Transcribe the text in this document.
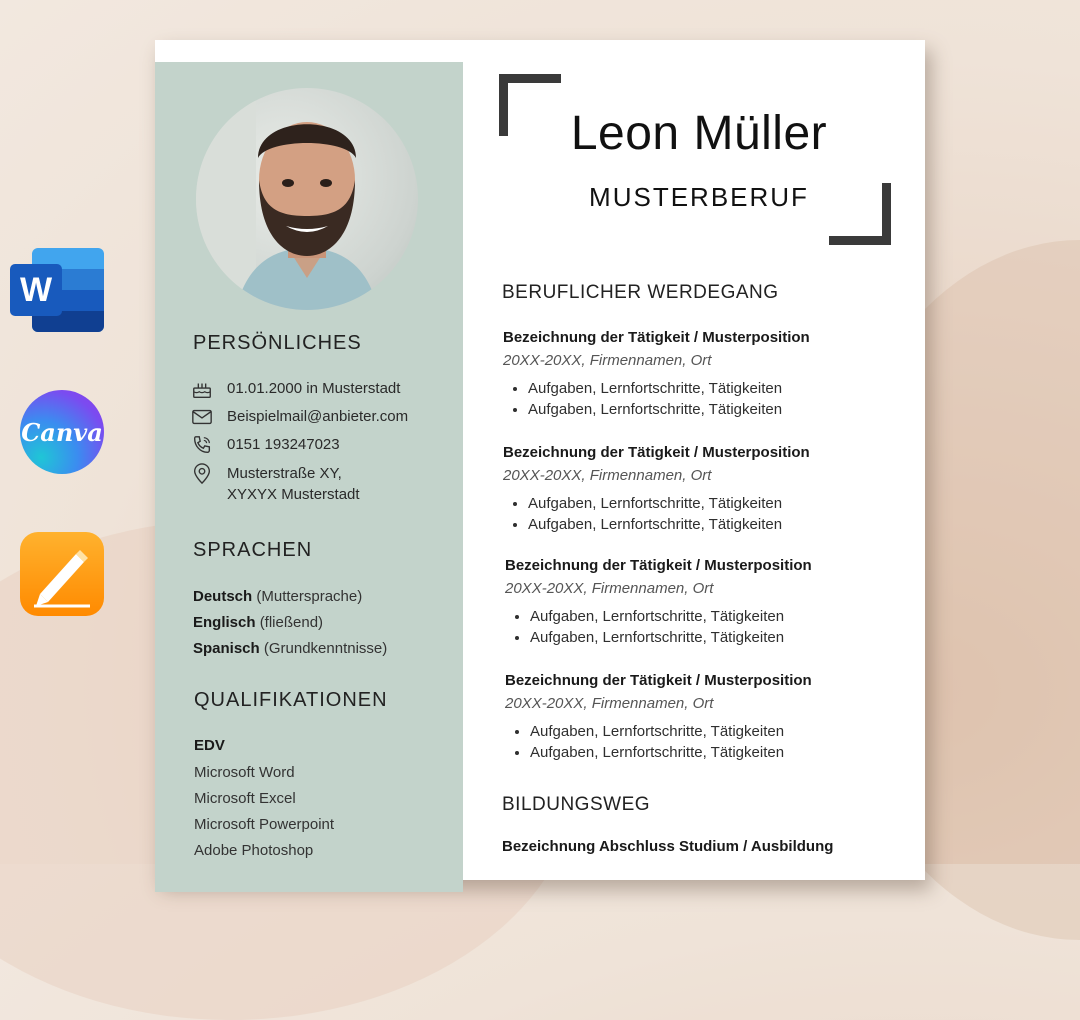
W
Canva
PERSÖNLICHES
01.01.2000 in Musterstadt
Beispielmail@anbieter.com
0151 193247023
Musterstraße XY,
XYXYX Musterstadt
SPRACHEN
Deutsch (Muttersprache)
Englisch (fließend)
Spanisch (Grundkenntnisse)
QUALIFIKATIONEN
EDV
Microsoft Word
Microsoft Excel
Microsoft Powerpoint
Adobe Photoshop
Leon Müller
MUSTERBERUF
BERUFLICHER WERDEGANG
Bezeichnung der Tätigkeit / Musterposition
20XX-20XX, Firmennamen, Ort
• Aufgaben, Lernfortschritte, Tätigkeiten
• Aufgaben, Lernfortschritte, Tätigkeiten
Bezeichnung der Tätigkeit / Musterposition
20XX-20XX, Firmennamen, Ort
• Aufgaben, Lernfortschritte, Tätigkeiten
• Aufgaben, Lernfortschritte, Tätigkeiten
Bezeichnung der Tätigkeit / Musterposition
20XX-20XX, Firmennamen, Ort
• Aufgaben, Lernfortschritte, Tätigkeiten
• Aufgaben, Lernfortschritte, Tätigkeiten
Bezeichnung der Tätigkeit / Musterposition
20XX-20XX, Firmennamen, Ort
• Aufgaben, Lernfortschritte, Tätigkeiten
• Aufgaben, Lernfortschritte, Tätigkeiten
BILDUNGSWEG
Bezeichnung Abschluss Studium / Ausbildung
